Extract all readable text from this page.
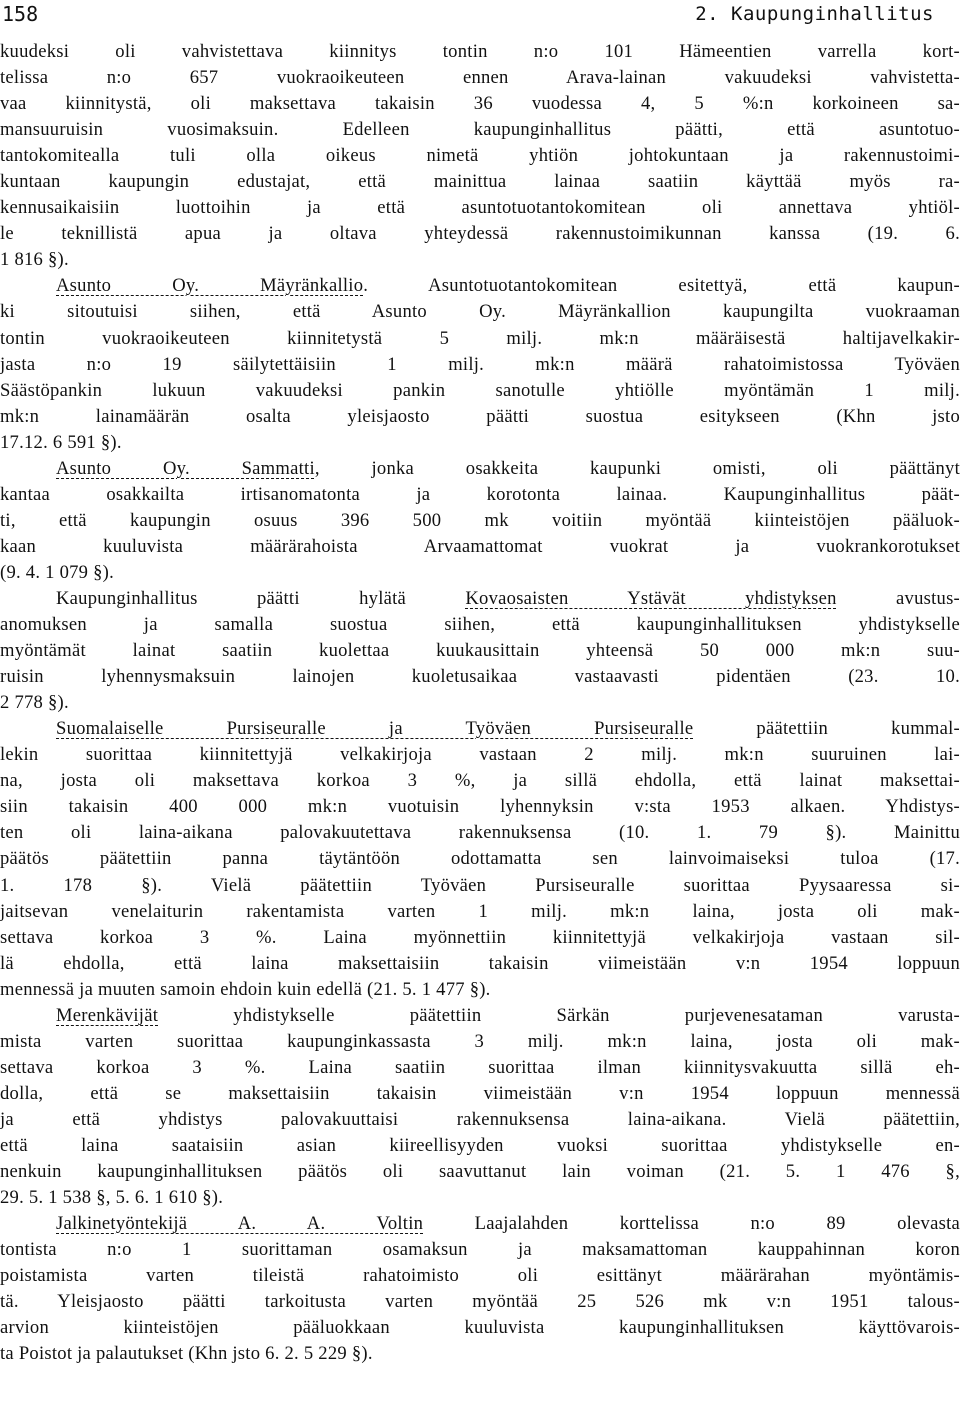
158	2. Kaupunginhallitus
kuudeksi oli vahvistettava kiinnitys tontin n:o 101 Hämeentien varrella kort-
telissa n:o 657 vuokraoikeuteen ennen Arava-lainan vakuudeksi vahvistetta-
vaa kiinnitystä, oli maksettava takaisin 36 vuodessa 4, 5 %:n korkoineen sa-
mansuuruisin vuosimaksuin. Edelleen kaupunginhallitus päätti, että asuntotuo-
tantokomitealla tuli olla oikeus nimetä yhtiön johtokuntaan ja rakennustoimi-
kuntaan kaupungin edustajat, että mainittua lainaa saatiin käyttää myös ra-
kennusaikaisiin luottoihin ja että asuntotuotantokomitean oli annettava yhtiöl-
le teknillistä apua ja oltava yhteydessä rakennustoimikunnan kanssa (19. 6.
1 816 §).
Asunto Oy. Mäyränkallio. Asuntotuotantokomitean esitettyä, että kaupun-
ki sitoutuisi siihen, että Asunto Oy. Mäyränkallion kaupungilta vuokraaman
tontin vuokraoikeuteen kiinnitetystä 5 milj. mk:n määräisestä haltijavelkakir-
jasta n:o 19 säilytettäisiin 1 milj. mk:n määrä rahatoimistossa Työväen
Säästöpankin lukuun vakuudeksi pankin sanotulle yhtiölle myöntämän 1 milj.
mk:n lainamäärän osalta yleisjaosto päätti suostua esitykseen (Khn jsto
17.12. 6 591 §).
Asunto Oy. Sammatti, jonka osakkeita kaupunki omisti, oli päättänyt
kantaa osakkailta irtisanomatonta ja korotonta lainaa. Kaupunginhallitus päät-
ti, että kaupungin osuus 396 500 mk voitiin myöntää kiinteistöjen pääluok-
kaan kuuluvista määrärahoista Arvaamattomat vuokrat ja vuokrankorotukset
(9. 4. 1 079 §).
Kaupunginhallitus päätti hylätä Kovaosaisten Ystävät yhdistyksen avustus-
anomuksen ja samalla suostua siihen, että kaupunginhallituksen yhdistykselle
myöntämät lainat saatiin kuolettaa kuukausittain yhteensä 50 000 mk:n suu-
ruisin lyhennysmaksuin lainojen kuoletusaikaa vastaavasti pidentäen (23. 10.
2 778 §).
Suomalaiselle Pursiseuralle ja Työväen Pursiseuralle päätettiin kummal-
lekin suorittaa kiinnitettyjä velkakirjoja vastaan 2 milj. mk:n suuruinen lai-
na, josta oli maksettava korkoa 3 %, ja sillä ehdolla, että lainat maksettai-
siin takaisin 400 000 mk:n vuotuisin lyhennyksin v:sta 1953 alkaen. Yhdistys-
ten oli laina-aikana palovakuutettava rakennuksensa (10. 1. 79 §). Mainittu
päätös päätettiin panna täytäntöön odottamatta sen lainvoimaiseksi tuloa (17.
1. 178 §). Vielä päätettiin Työväen Pursiseuralle suorittaa Pyysaaressa si-
jaitsevan venelaiturin rakentamista varten 1 milj. mk:n laina, josta oli mak-
settava korkoa 3 %. Laina myönnettiin kiinnitettyjä velkakirjoja vastaan sil-
lä ehdolla, että laina maksettaisiin takaisin viimeistään v:n 1954 loppuun
mennessä ja muuten samoin ehdoin kuin edellä (21. 5. 1 477 §).
Merenkävijät yhdistykselle päätettiin Särkän purjevenesataman varusta-
mista varten suorittaa kaupunginkassasta 3 milj. mk:n laina, josta oli mak-
settava korkoa 3 %. Laina saatiin suorittaa ilman kiinnitysvakuutta sillä eh-
dolla, että se maksettaisiin takaisin viimeistään v:n 1954 loppuun mennessä
ja että yhdistys palovakuuttaisi rakennuksensa laina-aikana. Vielä päätettiin,
että laina saataisiin asian kiireellisyyden vuoksi suorittaa yhdistykselle en-
nenkuin kaupunginhallituksen päätös oli saavuttanut lain voiman (21. 5. 1 476 §,
29. 5. 1 538 §, 5. 6. 1 610 §).
Jalkinetyöntekijä A. A. Voltin Laajalahden korttelissa n:o 89 olevasta
tontista n:o 1 suorittaman osamaksun ja maksamattoman kauppahinnan koron
poistamista varten tileistä rahatoimisto oli esittänyt määrärahan myöntämis-
tä. Yleisjaosto päätti tarkoitusta varten myöntää 25 526 mk v:n 1951 talous-
arvion kiinteistöjen pääluokkaan kuuluvista kaupunginhallituksen käyttövarois-
ta Poistot ja palautukset (Khn jsto 6. 2. 5 229 §).
